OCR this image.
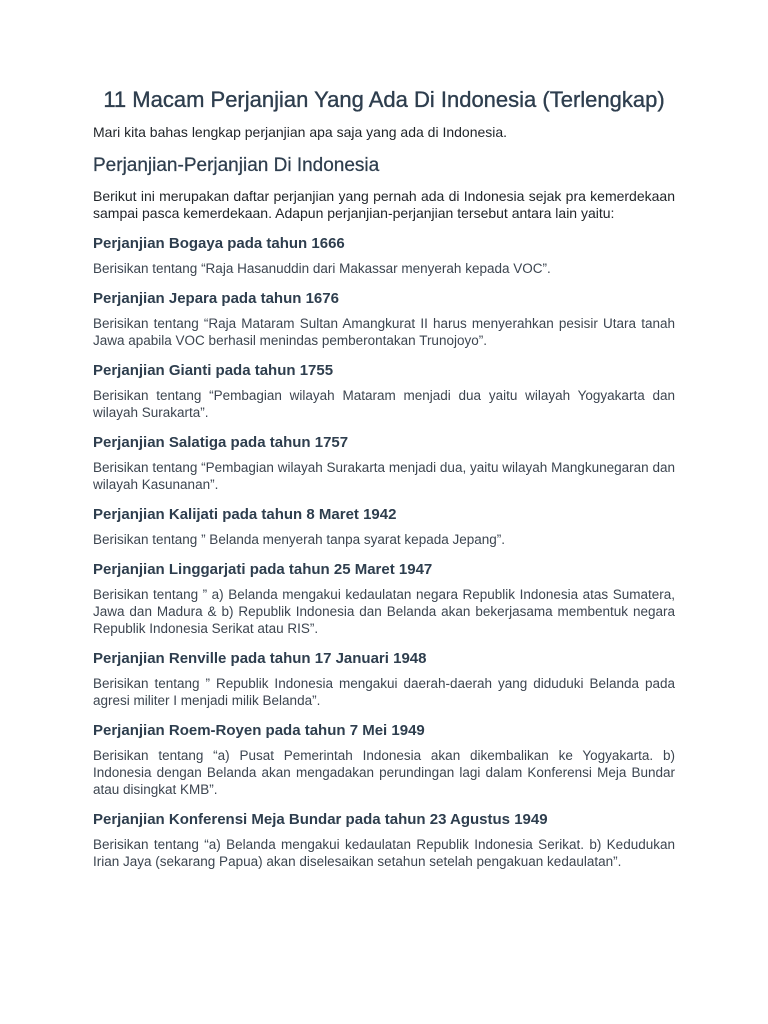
11 Macam Perjanjian Yang Ada Di Indonesia (Terlengkap)

Mari kita bahas lengkap perjanjian apa saja yang ada di Indonesia.

Perjanjian-Perjanjian Di Indonesia

Berikut ini merupakan daftar perjanjian yang pernah ada di Indonesia sejak pra kemerdekaan sampai pasca kemerdekaan. Adapun perjanjian-perjanjian tersebut antara lain yaitu:

Perjanjian Bogaya pada tahun 1666

Berisikan tentang “Raja Hasanuddin dari Makassar menyerah kepada VOC”.

Perjanjian Jepara pada tahun 1676

Berisikan tentang “Raja Mataram Sultan Amangkurat II harus menyerahkan pesisir Utara tanah Jawa apabila VOC berhasil menindas pemberontakan Trunojoyo”.

Perjanjian Gianti pada tahun 1755

Berisikan tentang “Pembagian wilayah Mataram menjadi dua yaitu wilayah Yogyakarta dan wilayah Surakarta”.

Perjanjian Salatiga pada tahun 1757

Berisikan tentang “Pembagian wilayah Surakarta menjadi dua, yaitu wilayah Mangkunegaran dan wilayah Kasunanan”.

Perjanjian Kalijati pada tahun 8 Maret 1942

Berisikan tentang ” Belanda menyerah tanpa syarat kepada Jepang”.

Perjanjian Linggarjati pada tahun 25 Maret 1947

Berisikan tentang ” a) Belanda mengakui kedaulatan negara Republik Indonesia atas Sumatera, Jawa dan Madura & b) Republik Indonesia dan Belanda akan bekerjasama membentuk negara Republik Indonesia Serikat atau RIS”.

Perjanjian Renville pada tahun 17 Januari 1948

Berisikan tentang ” Republik Indonesia mengakui daerah-daerah yang diduduki Belanda pada agresi militer I menjadi milik Belanda”.

Perjanjian Roem-Royen pada tahun 7 Mei 1949

Berisikan tentang “a) Pusat Pemerintah Indonesia akan dikembalikan ke Yogyakarta. b) Indonesia dengan Belanda akan mengadakan perundingan lagi dalam Konferensi Meja Bundar atau disingkat KMB”.

Perjanjian Konferensi Meja Bundar pada tahun 23 Agustus 1949

Berisikan tentang “a) Belanda mengakui kedaulatan Republik Indonesia Serikat. b) Kedudukan Irian Jaya (sekarang Papua) akan diselesaikan setahun setelah pengakuan kedaulatan”.
